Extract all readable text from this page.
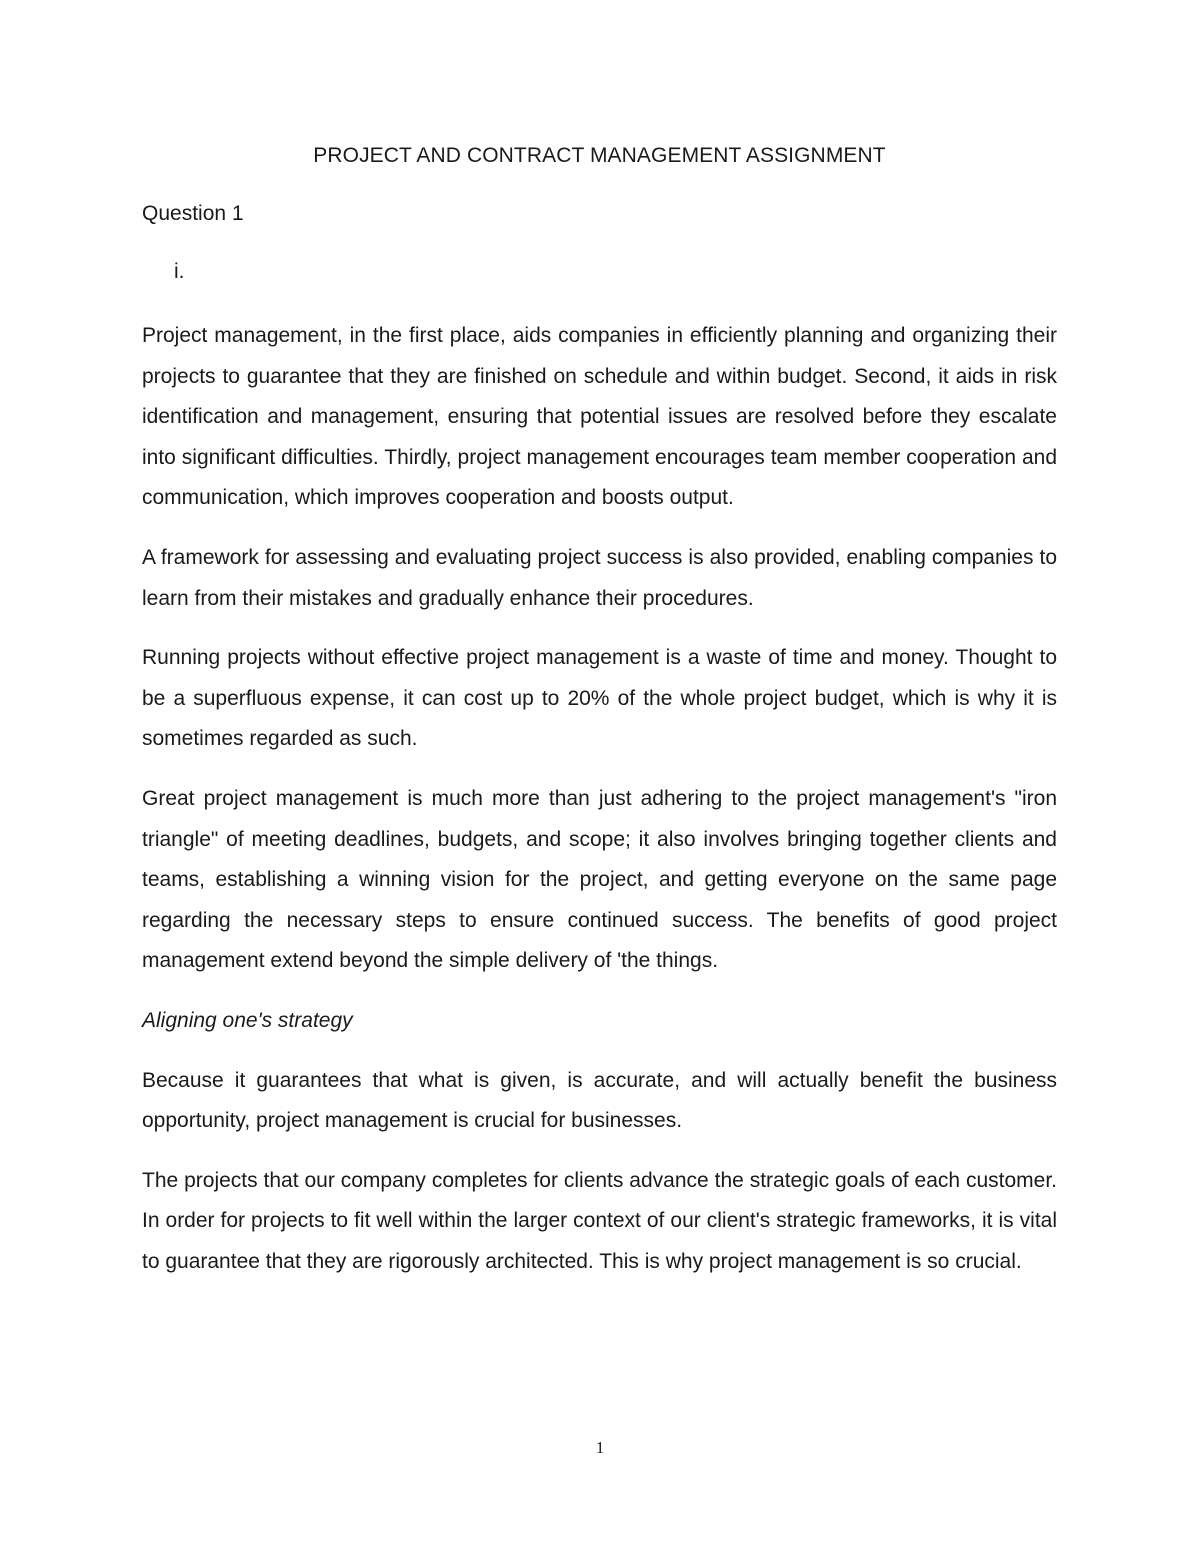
PROJECT AND CONTRACT MANAGEMENT ASSIGNMENT
Question 1
i.

Project management, in the first place, aids companies in efficiently planning and organizing their projects to guarantee that they are finished on schedule and within budget. Second, it aids in risk identification and management, ensuring that potential issues are resolved before they escalate into significant difficulties. Thirdly, project management encourages team member cooperation and communication, which improves cooperation and boosts output.

A framework for assessing and evaluating project success is also provided, enabling companies to learn from their mistakes and gradually enhance their procedures.

Running projects without effective project management is a waste of time and money. Thought to be a superfluous expense, it can cost up to 20% of the whole project budget, which is why it is sometimes regarded as such.

Great project management is much more than just adhering to the project management's "iron triangle" of meeting deadlines, budgets, and scope; it also involves bringing together clients and teams, establishing a winning vision for the project, and getting everyone on the same page regarding the necessary steps to ensure continued success. The benefits of good project management extend beyond the simple delivery of 'the things.

Aligning one's strategy

Because it guarantees that what is given, is accurate, and will actually benefit the business opportunity, project management is crucial for businesses.

The projects that our company completes for clients advance the strategic goals of each customer. In order for projects to fit well within the larger context of our client's strategic frameworks, it is vital to guarantee that they are rigorously architected. This is why project management is so crucial.

1
